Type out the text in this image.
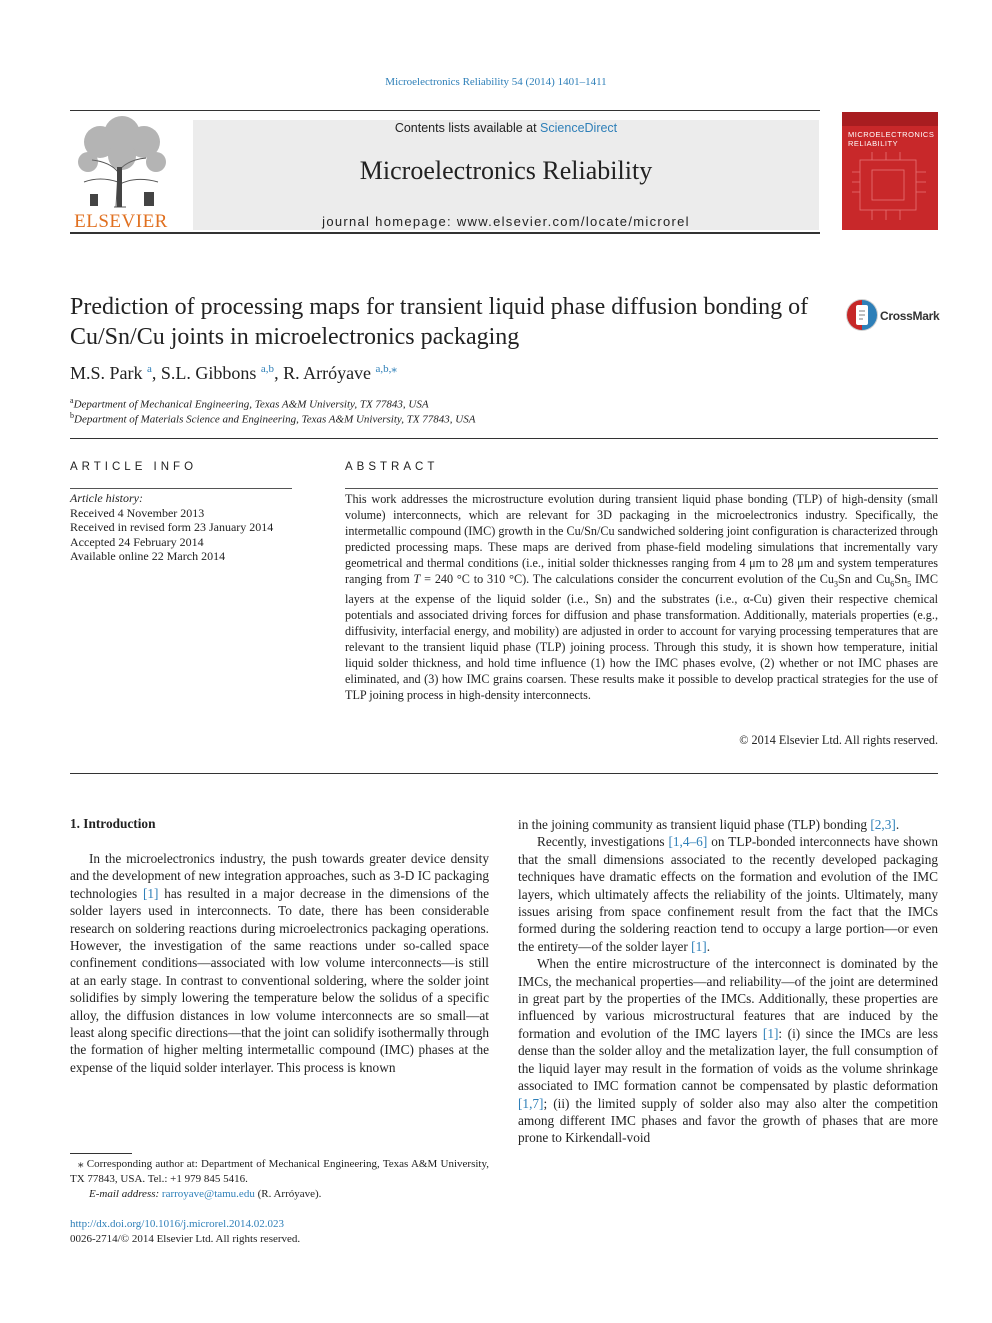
Microelectronics Reliability 54 (2014) 1401–1411
ELSEVIER
Contents lists available at ScienceDirect
Microelectronics Reliability
journal homepage: www.elsevier.com/locate/microrel
MICROELECTRONICS RELIABILITY
Prediction of processing maps for transient liquid phase diffusion bonding of Cu/Sn/Cu joints in microelectronics packaging
CrossMark
M.S. Park $^a$, S.L. Gibbons $^{a,b}$, R. Arróyave $^{a,b,⁎}$
$^a$Department of Mechanical Engineering, Texas A&M University, TX 77843, USA
$^b$Department of Materials Science and Engineering, Texas A&M University, TX 77843, USA
ARTICLE INFO
Article history:
Received 4 November 2013
Received in revised form 23 January 2014
Accepted 24 February 2014
Available online 22 March 2014
ABSTRACT

This work addresses the microstructure evolution during transient liquid phase bonding (TLP) of high-density (small volume) interconnects, which are relevant for 3D packaging in the microelectronics industry. Specifically, the intermetallic compound (IMC) growth in the Cu/Sn/Cu sandwiched soldering joint configuration is characterized through predicted processing maps. These maps are derived from phase-field modeling simulations that incrementally vary geometrical and thermal conditions (i.e., initial solder thicknesses ranging from 4 μm to 28 μm and system temperatures ranging from T = 240 °C to 310 °C). The calculations consider the concurrent evolution of the $Cu_3Sn$ and $Cu_6Sn_5$ IMC layers at the expense of the liquid solder (i.e., Sn) and the substrates (i.e., α-Cu) given their respective chemical potentials and associated driving forces for diffusion and phase transformation. Additionally, materials properties (e.g., diffusivity, interfacial energy, and mobility) are adjusted in order to account for varying processing temperatures that are relevant to the transient liquid phase (TLP) joining process. Through this study, it is shown how temperature, initial liquid solder thickness, and hold time influence (1) how the IMC phases evolve, (2) whether or not IMC phases are eliminated, and (3) how IMC grains coarsen. These results make it possible to develop practical strategies for the use of TLP joining process in high-density interconnects.

© 2014 Elsevier Ltd. All rights reserved.
1. Introduction

In the microelectronics industry, the push towards greater device density and the development of new integration approaches, such as 3-D IC packaging technologies [1] has resulted in a major decrease in the dimensions of the solder layers used in interconnects. To date, there has been considerable research on soldering reactions during microelectronics packaging operations. However, the investigation of the same reactions under so-called space confinement conditions—associated with low volume interconnects—is still at an early stage. In contrast to conventional soldering, where the solder joint solidifies by simply lowering the temperature below the solidus of a specific alloy, the diffusion distances in low volume interconnects are so small—at least along specific directions—that the joint can solidify isothermally through the formation of higher melting intermetallic compound (IMC) phases at the expense of the liquid solder interlayer. This process is known

in the joining community as transient liquid phase (TLP) bonding [2,3].

Recently, investigations [1,4–6] on TLP-bonded interconnects have shown that the small dimensions associated to the recently developed packaging techniques have dramatic effects on the formation and evolution of the IMC layers, which ultimately affects the reliability of the joints. Ultimately, many issues arising from space confinement result from the fact that the IMCs formed during the soldering reaction tend to occupy a large portion—or even the entirety—of the solder layer [1].

When the entire microstructure of the interconnect is dominated by the IMCs, the mechanical properties—and reliability—of the joint are determined in great part by the properties of the IMCs. Additionally, these properties are influenced by various microstructural features that are induced by the formation and evolution of the IMC layers [1]: (i) since the IMCs are less dense than the solder alloy and the metalization layer, the full consumption of the liquid layer may result in the formation of voids as the volume shrinkage associated to IMC formation cannot be compensated by plastic deformation [1,7]; (ii) the limited supply of solder also may also alter the competition among different IMC phases and favor the growth of phases that are more prone to Kirkendall-void

⁎ Corresponding author at: Department of Mechanical Engineering, Texas A&M University, TX 77843, USA. Tel.: +1 979 845 5416.

E-mail address: rarroyave@tamu.edu (R. Arróyave).

http://dx.doi.org/10.1016/j.microrel.2014.02.023
0026-2714/© 2014 Elsevier Ltd. All rights reserved.
